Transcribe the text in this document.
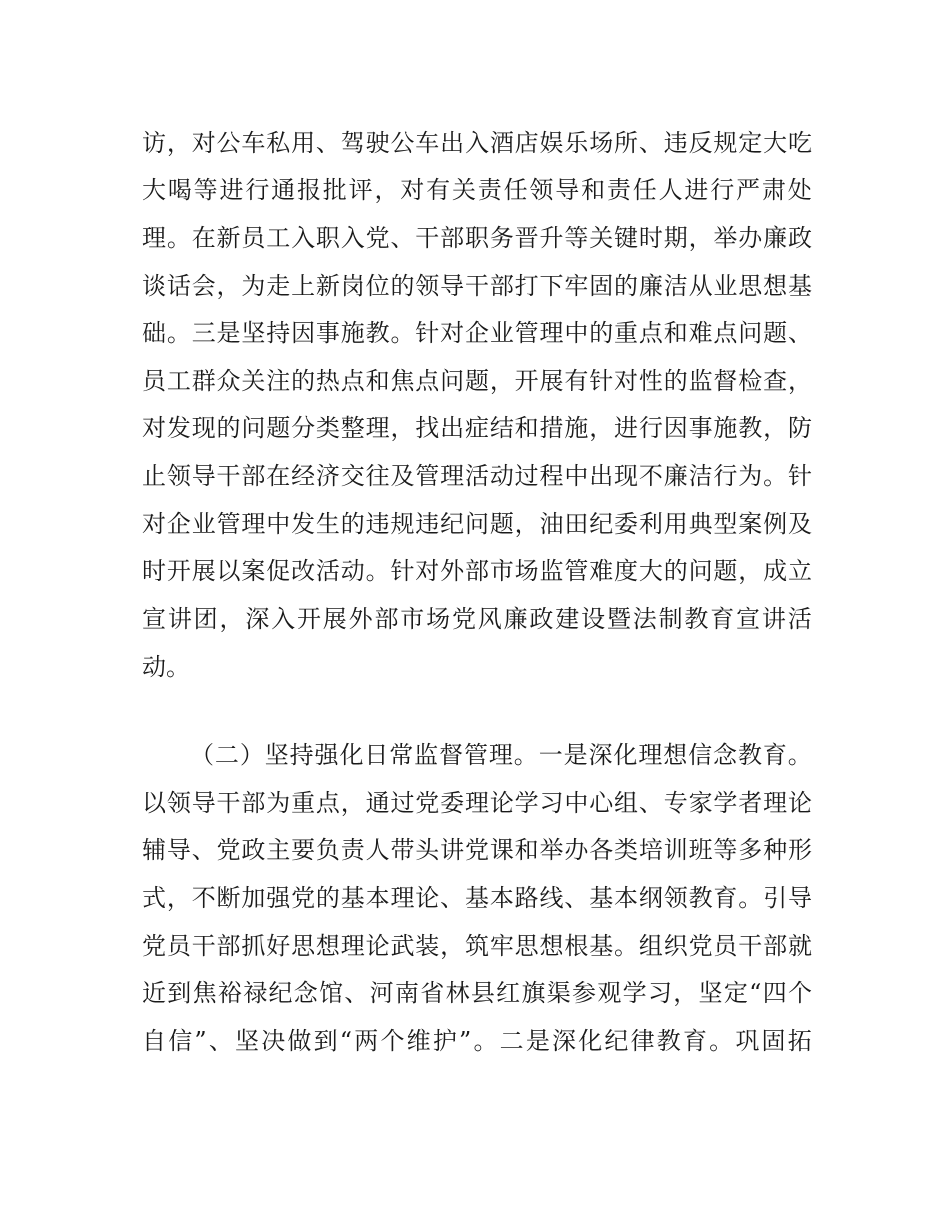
访 ， 对 公 车 私 用 、 驾 驶 公 车 出 入 酒 店 娱 乐 场 所 、 违 反 规 定 大 吃
大 喝 等 进 行 通 报 批 评 ， 对 有 关 责 任 领 导 和 责 任 人 进 行 严 肃 处
理 。 在 新 员 工 入 职 入 党 、 干 部 职 务 晋 升 等 关 键 时 期 ， 举 办 廉 政
谈 话 会 ， 为 走 上 新 岗 位 的 领 导 干 部 打 下 牢 固 的 廉 洁 从 业 思 想 基
础 。 三 是 坚 持 因 事 施 教 。 针 对 企 业 管 理 中 的 重 点 和 难 点 问 题 、
员 工 群 众 关 注 的 热 点 和 焦 点 问 题 ， 开 展 有 针 对 性 的 监 督 检 查 ，
对 发 现 的 问 题 分 类 整 理 ， 找 出 症 结 和 措 施 ， 进 行 因 事 施 教 ， 防
止 领 导 干 部 在 经 济 交 往 及 管 理 活 动 过 程 中 出 现 不 廉 洁 行 为 。 针
对 企 业 管 理 中 发 生 的 违 规 违 纪 问 题 ， 油 田 纪 委 利 用 典 型 案 例 及
时 开 展 以 案 促 改 活 动 。 针 对 外 部 市 场 监 管 难 度 大 的 问 题 ， 成 立
宣 讲 团 ， 深 入 开 展 外 部 市 场 党 风 廉 政 建 设 暨 法 制 教 育 宣 讲 活
动。
（ 二 ） 坚 持 强 化 日 常 监 督 管 理 。 一 是 深 化 理 想 信 念 教 育 。
以 领 导 干 部 为 重 点 ， 通 过 党 委 理 论 学 习 中 心 组 、 专 家 学 者 理 论
辅 导 、 党 政 主 要 负 责 人 带 头 讲 党 课 和 举 办 各 类 培 训 班 等 多 种 形
式 ， 不 断 加 强 党 的 基 本 理 论 、 基 本 路 线 、 基 本 纲 领 教 育 。 引 导
党 员 干 部 抓 好 思 想 理 论 武 装 ， 筑 牢 思 想 根 基 。 组 织 党 员 干 部 就
近 到 焦 裕 禄 纪 念 馆 、 河 南 省 林 县 红 旗 渠 参 观 学 习 ， 坚 定 “ 四 个
自 信 ” 、 坚 决 做 到 “ 两 个 维 护 ” 。 二 是 深 化 纪 律 教 育 。 巩 固 拓
